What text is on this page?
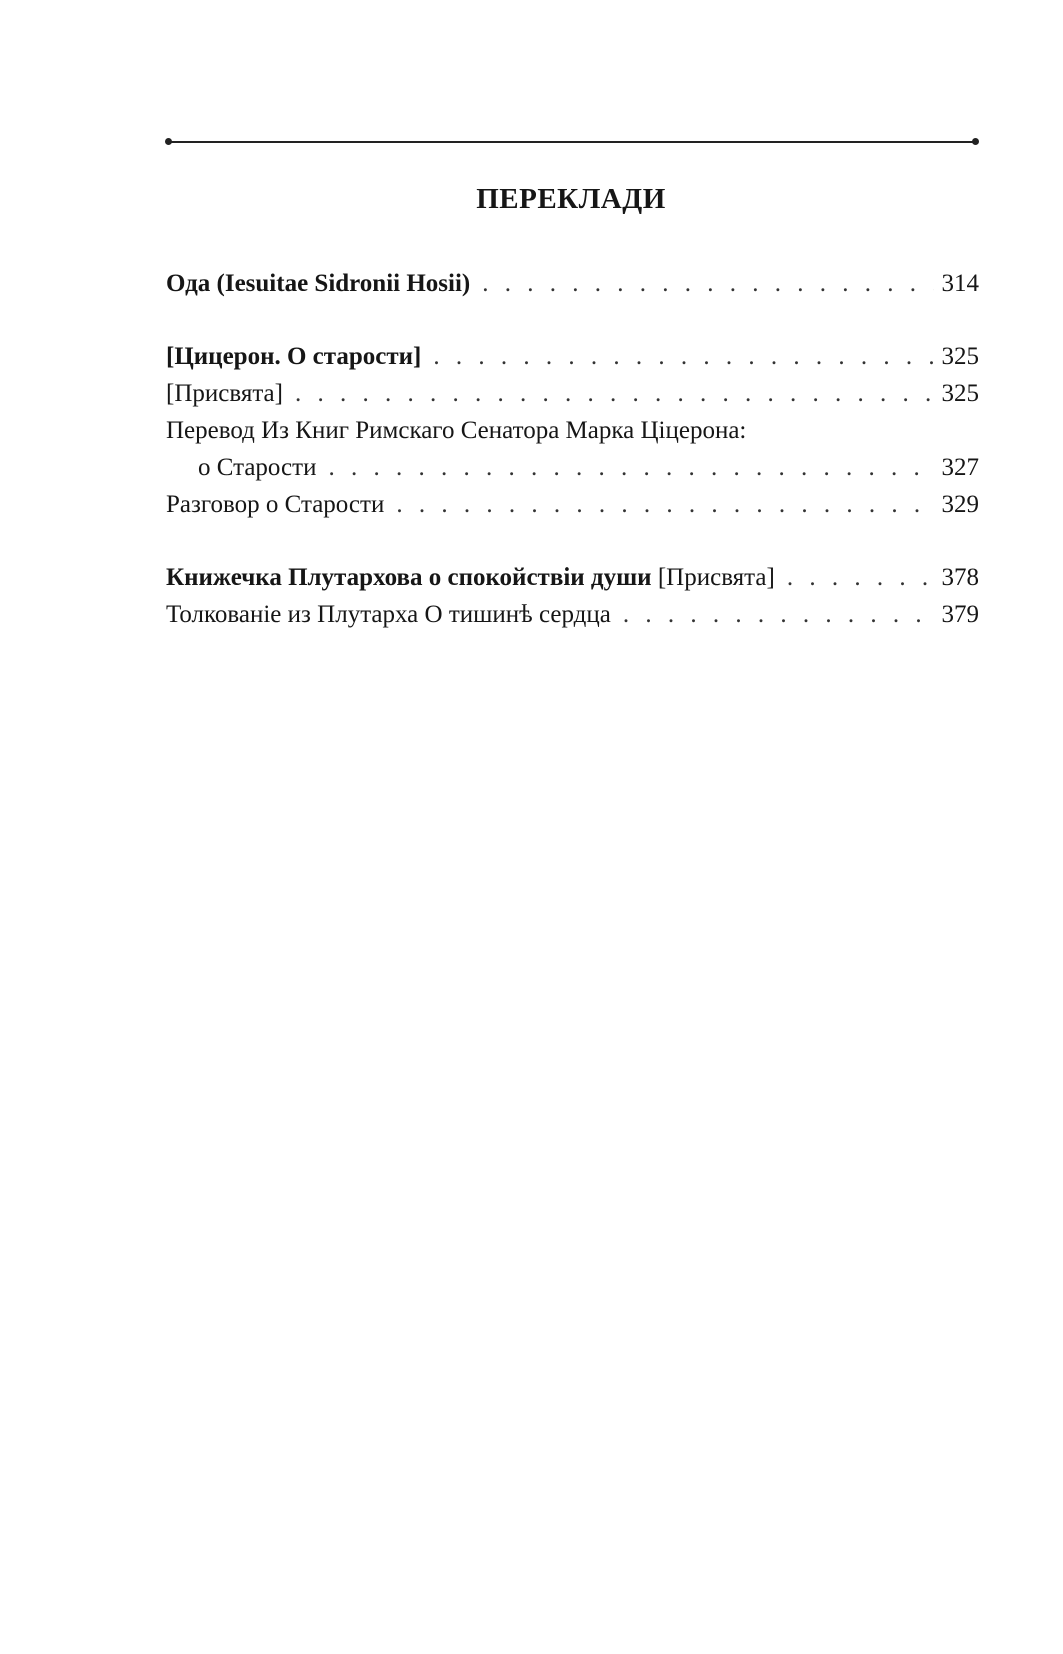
ПЕРЕКЛАДИ
Ода (Iesuitae Sidronii Hosii) . . .	314
[Цицерон. О старости] . . .	325
[Присвята] . . .	325
Перевод Из Книг Римскаго Сенатора Марка Ціцерона:
о Старости . . .	327
Разговор о Старости . . .	329
Книжечка Плутархова о спокойствіи души [Присвята] . . .	378
Толкованіе из Плутарха О тишинѣ сердца . . .	379
